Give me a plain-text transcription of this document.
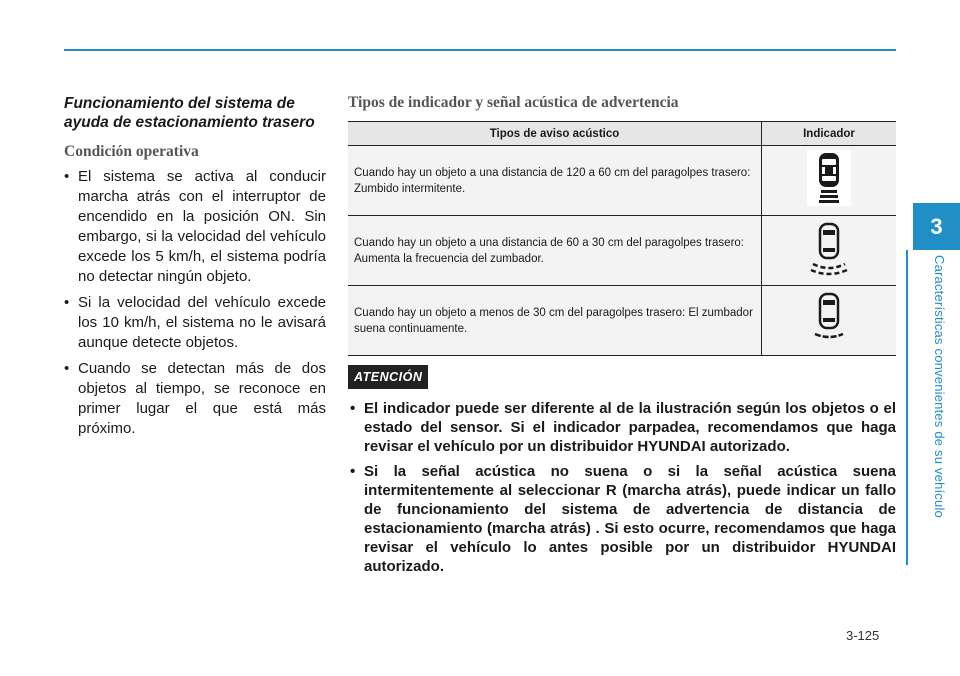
3
Características convenientes de su vehículo
Funcionamiento del sistema de ayuda de estacionamiento trasero
Condición operativa
• El sistema se activa al conducir marcha atrás con el interruptor de encendido en la posición ON. Sin embargo, si la velocidad del vehículo excede los 5 km/h, el sistema podría no detectar ningún objeto.
• Si la velocidad del vehículo excede los 10 km/h, el sistema no le avisará aunque detecte objetos.
• Cuando se detectan más de dos objetos al tiempo, se reconoce en primer lugar el que está más próximo.
Tipos de indicador y señal acústica de advertencia
Tipos de aviso acústico	Indicador
Cuando hay un objeto a una distancia de 120 a 60 cm del paragolpes trasero: Zumbido intermitente.	
Cuando hay un objeto a una distancia de 60 a 30 cm del paragolpes trasero: Aumenta la frecuencia del zumbador.	
Cuando hay un objeto a menos de 30 cm del paragolpes trasero: El zumbador suena continuamente.	
ATENCIÓN
• El indicador puede ser diferente al de la ilustración según los objetos o el estado del sensor. Si el indicador parpadea, recomendamos que haga revisar el vehículo por un distribuidor HYUNDAI autorizado.
• Si la señal acústica no suena o si la señal acústica suena intermitentemente al seleccionar R (marcha atrás), puede indicar un fallo de funcionamiento del sistema de advertencia de distancia de estacionamiento (marcha atrás) . Si esto ocurre, recomendamos que haga revisar el vehículo lo antes posible por un distribuidor HYUNDAI autorizado.
3-125
